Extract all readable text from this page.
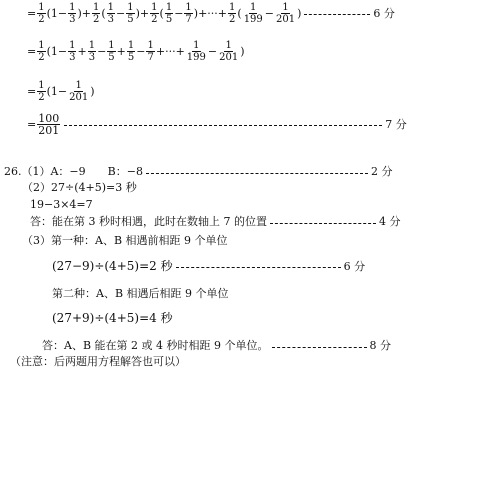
= 1
2 ($1- \frac{1}{3}$ )+ $\frac{1}{2}$ ( 1
$3 - \frac{1}{5}$ )+ $\frac{1}{2}$ ( 1
$5 - \frac{1}{7}$ )+···+ $\frac{1}{2}$ ( 1
$199 - \frac{1}{201}$ )	6 分
= 1
2 ($1- \frac{1}{3} + \frac{1}{3} - \frac{1}{5} + \frac{1}{5} - \frac{1}{7}$ +···+ $\frac{1}{199} - \frac{1}{201}$ )
= 1
2 ($1- \frac{1}{201}$ )
= 100
201	7 分
26.（1）A：−9　　B：−8	2 分
（2）27÷(4+5)=3 秒
19−3×4=7
答：能在第 3 秒时相遇，此时在数轴上 7 的位置	4 分
（3）第一种：A、B 相遇前相距 9 个单位
(27−9)÷(4+5)=2 秒	6 分
第二种：A、B 相遇后相距 9 个单位
(27+9)÷(4+5)=4 秒
答：A、B 能在第 2 或 4 秒时相距 9 个单位。	8 分
（注意：后两题用方程解答也可以）
